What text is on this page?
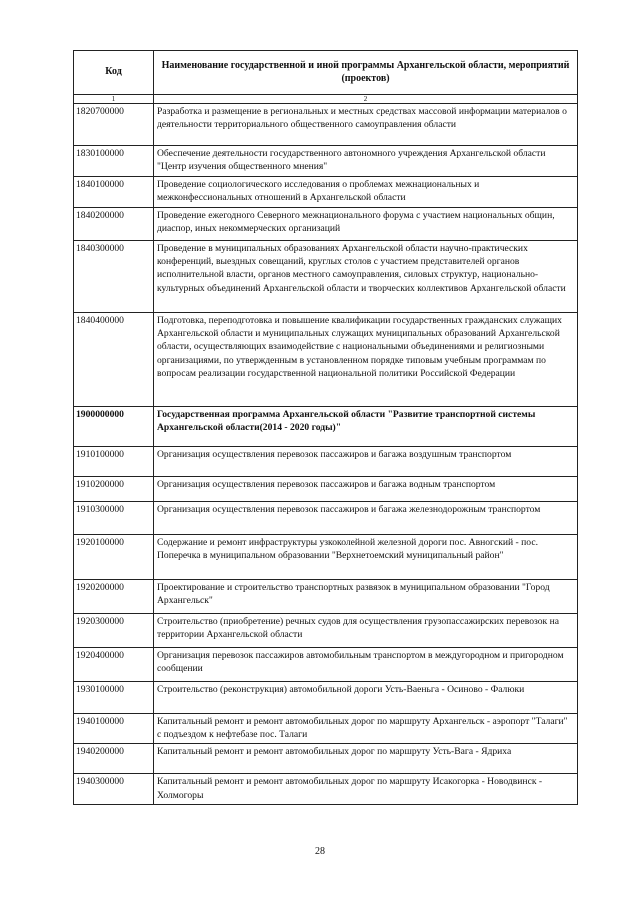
Код	Наименование государственной и иной программы Архангельской области, мероприятий (проектов)
1	2
1820700000	Разработка и размещение в региональных и местных средствах массовой информации материалов о деятельности территориального общественного самоуправления области
1830100000	Обеспечение деятельности государственного автономного учреждения Архангельской области "Центр изучения общественного мнения"
1840100000	Проведение социологического исследования о проблемах межнациональных и межконфессиональных отношений в Архангельской области
1840200000	Проведение ежегодного Северного межнационального форума с участием национальных общин, диаспор, иных некоммерческих организаций
1840300000	Проведение в муниципальных образованиях Архангельской области научно-практических конференций, выездных совещаний, круглых столов с участием представителей органов исполнительной власти, органов местного самоуправления, силовых структур, национально-культурных объединений Архангельской области и творческих коллективов Архангельской области
1840400000	Подготовка, переподготовка и повышение квалификации государственных гражданских служащих Архангельской области и муниципальных служащих муниципальных образований Архангельской области, осуществляющих взаимодействие с национальными объединениями и религиозными организациями, по утвержденным в установленном порядке типовым учебным программам по вопросам реализации государственной национальной политики Российской Федерации
1900000000	Государственная программа Архангельской области "Развитие транспортной системы Архангельской области(2014 - 2020 годы)"
1910100000	Организация осуществления перевозок пассажиров и багажа воздушным транспортом
1910200000	Организация осуществления перевозок пассажиров и багажа водным транспортом
1910300000	Организация осуществления перевозок пассажиров и багажа железнодорожным транспортом
1920100000	Содержание и ремонт инфраструктуры узкоколейной железной дороги пос. Авногский - пос. Поперечка в муниципальном образовании "Верхнетоемский муниципальный район"
1920200000	Проектирование и строительство транспортных развязок в муниципальном образовании "Город Архангельск"
1920300000	Строительство (приобретение) речных судов для осуществления грузопассажирских перевозок на территории Архангельской области
1920400000	Организация перевозок пассажиров автомобильным транспортом в междугородном и пригородном сообщении
1930100000	Строительство (реконструкция) автомобильной дороги Усть-Ваеньга - Осиново - Фалюки
1940100000	Капитальный ремонт и ремонт автомобильных дорог по маршруту Архангельск - аэропорт "Талаги" с подъездом к нефтебазе пос. Талаги
1940200000	Капитальный ремонт и ремонт автомобильных дорог по маршруту Усть-Вага - Ядриха
1940300000	Капитальный ремонт и ремонт автомобильных дорог по маршруту Исакогорка - Новодвинск - Холмогоры
28
